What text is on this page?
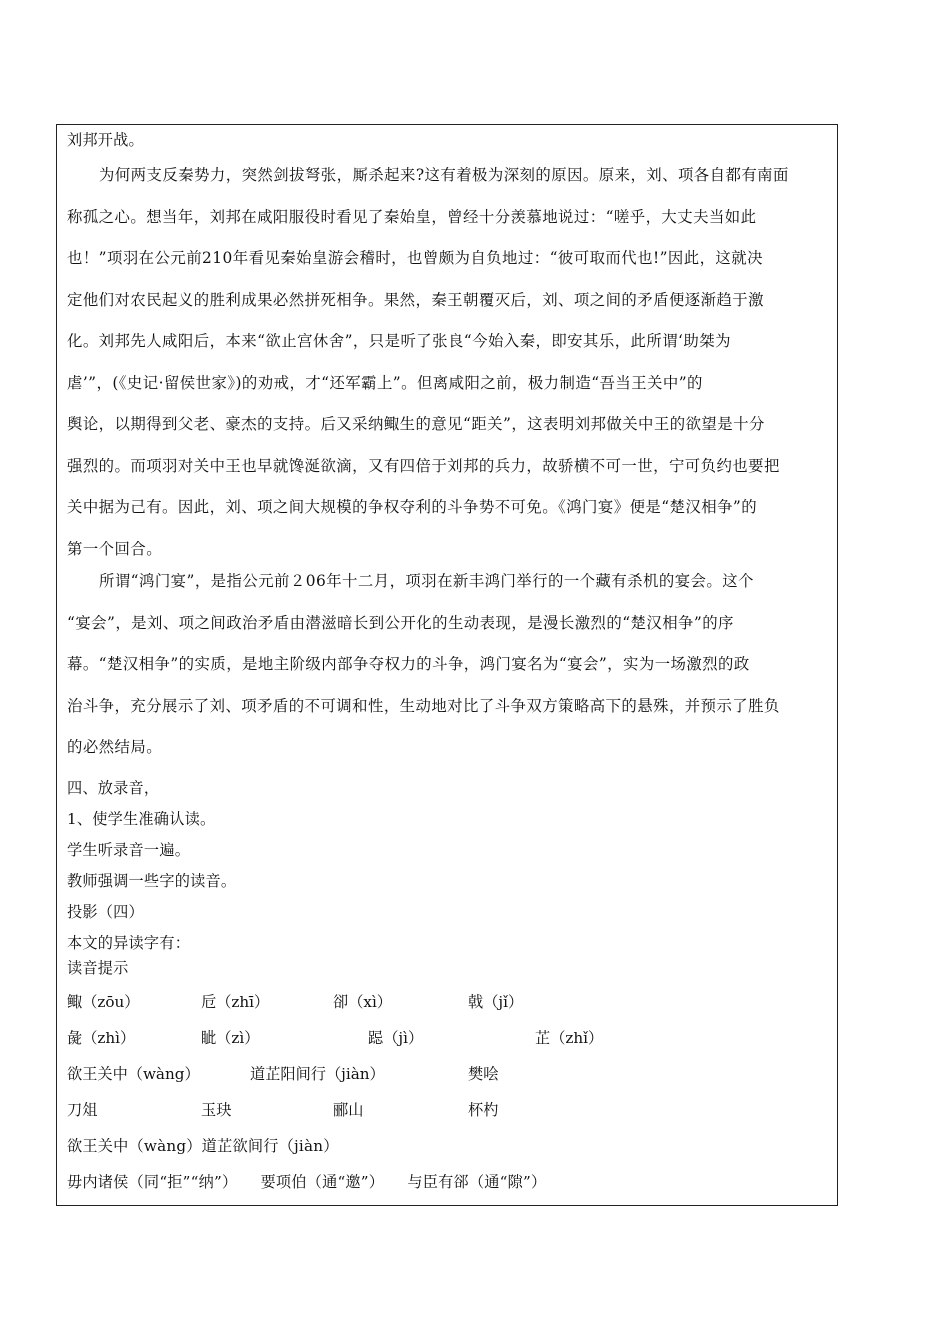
刘邦开战。
为何两支反秦势力，突然剑拔弩张，厮杀起来?这有着极为深刻的原因。原来，刘、项各自都有南面
称孤之心。想当年，刘邦在咸阳服役时看见了秦始皇，曾经十分羡慕地说过：“嗟乎，大丈夫当如此
也！”项羽在公元前210年看见秦始皇游会稽时，也曾颇为自负地过：“彼可取而代也!”因此，这就决
定他们对农民起义的胜利成果必然拼死相争。果然，秦王朝覆灭后，刘、项之间的矛盾便逐渐趋于激
化。刘邦先人咸阳后，本来“欲止宫休舍”，只是听了张良“今始入秦，即安其乐，此所谓‘助桀为
虐’”，(《史记·留侯世家》)的劝戒，才“还军霸上”。但离咸阳之前，极力制造“吾当王关中”的
舆论，以期得到父老、豪杰的支持。后又采纳鲰生的意见“距关”，这表明刘邦做关中王的欲望是十分
强烈的。而项羽对关中王也早就馋涎欲滴，又有四倍于刘邦的兵力，故骄横不可一世，宁可负约也要把
关中据为己有。因此，刘、项之间大规模的争权夺利的斗争势不可免。《鸿门宴》便是“楚汉相争”的
第一个回合。
所谓“鸿门宴”，是指公元前２06年十二月，项羽在新丰鸿门举行的一个藏有杀机的宴会。这个
“宴会”，是刘、项之间政治矛盾由潜滋暗长到公开化的生动表现，是漫长激烈的“楚汉相争”的序
幕。“楚汉相争”的实质，是地主阶级内部争夺权力的斗争，鸿门宴名为“宴会”，实为一场激烈的政
治斗争，充分展示了刘、项矛盾的不可调和性，生动地对比了斗争双方策略高下的悬殊，并预示了胜负
的必然结局。
四、放录音，
1、使学生准确认读。
学生听录音一遍。
教师强调一些字的读音。
投影（四）
本文的异读字有：
读音提示
鲰（zōu）	卮（zhī）	卻（xì）	戟（jǐ）
彘（zhì）	眦（zì）	跽（jì）	芷（zhǐ）
欲王关中（wàng）	道芷阳间行（jiàn）	樊哙
刀俎	玉玦	郦山	杯杓
欲王关中（wàng）道芷欲间行（jiàn）
毋内诸侯（同“拒”“纳”）　　要项伯（通“邀”）　　与臣有郤（通“隙”）
